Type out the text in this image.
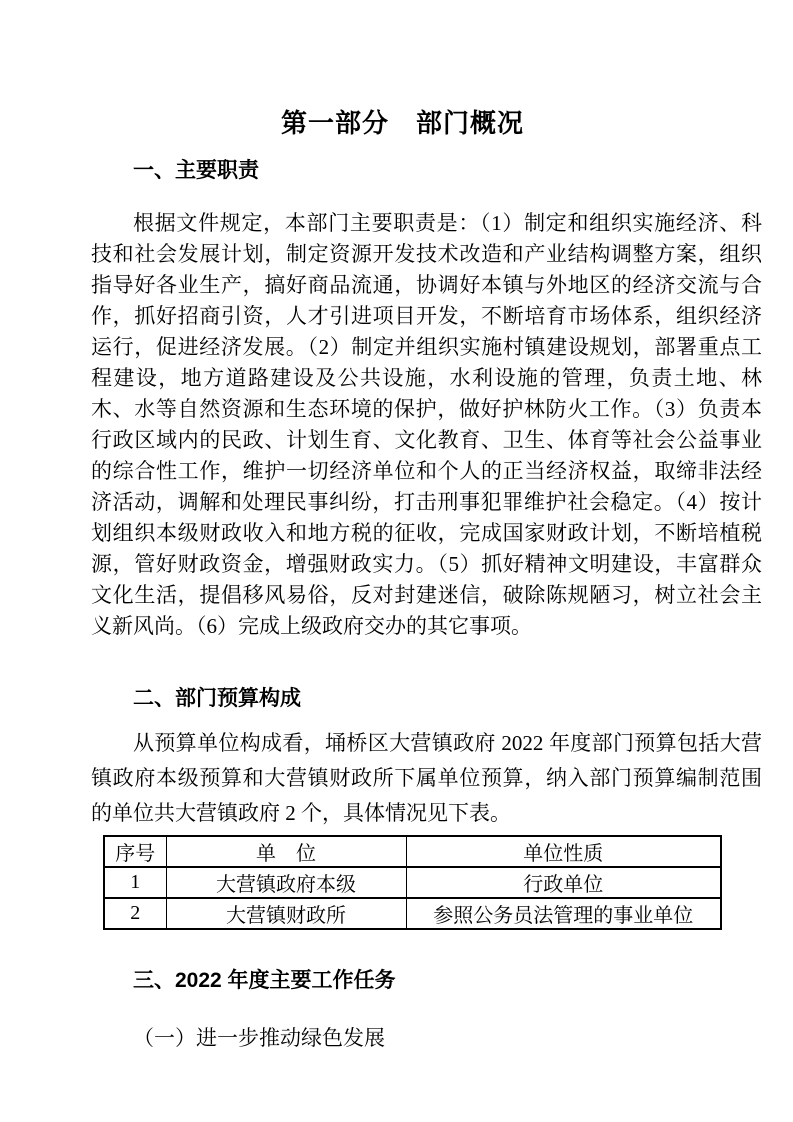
第一部分　部门概况
一、主要职责

根据文件规定，本部门主要职责是：（1）制定和组织实施经济、科技和社会发展计划，制定资源开发技术改造和产业结构调整方案，组织指导好各业生产，搞好商品流通，协调好本镇与外地区的经济交流与合作，抓好招商引资，人才引进项目开发，不断培育市场体系，组织经济运行，促进经济发展。（2）制定并组织实施村镇建设规划，部署重点工程建设，地方道路建设及公共设施，水利设施的管理，负责土地、林木、水等自然资源和生态环境的保护，做好护林防火工作。（3）负责本行政区域内的民政、计划生育、文化教育、卫生、体育等社会公益事业的综合性工作，维护一切经济单位和个人的正当经济权益，取缔非法经济活动，调解和处理民事纠纷，打击刑事犯罪维护社会稳定。（4）按计划组织本级财政收入和地方税的征收，完成国家财政计划，不断培植税源，管好财政资金，增强财政实力。（5）抓好精神文明建设，丰富群众文化生活，提倡移风易俗，反对封建迷信，破除陈规陋习，树立社会主义新风尚。（6）完成上级政府交办的其它事项。

二、部门预算构成

从预算单位构成看，埇桥区大营镇政府 2022 年度部门预算包括大营镇政府本级预算和大营镇财政所下属单位预算，纳入部门预算编制范围的单位共大营镇政府 2 个，具体情况见下表。

序号	单　位	单位性质
1	大营镇政府本级	行政单位
2	大营镇财政所	参照公务员法管理的事业单位
三、2022 年度主要工作任务

（一）进一步推动绿色发展
